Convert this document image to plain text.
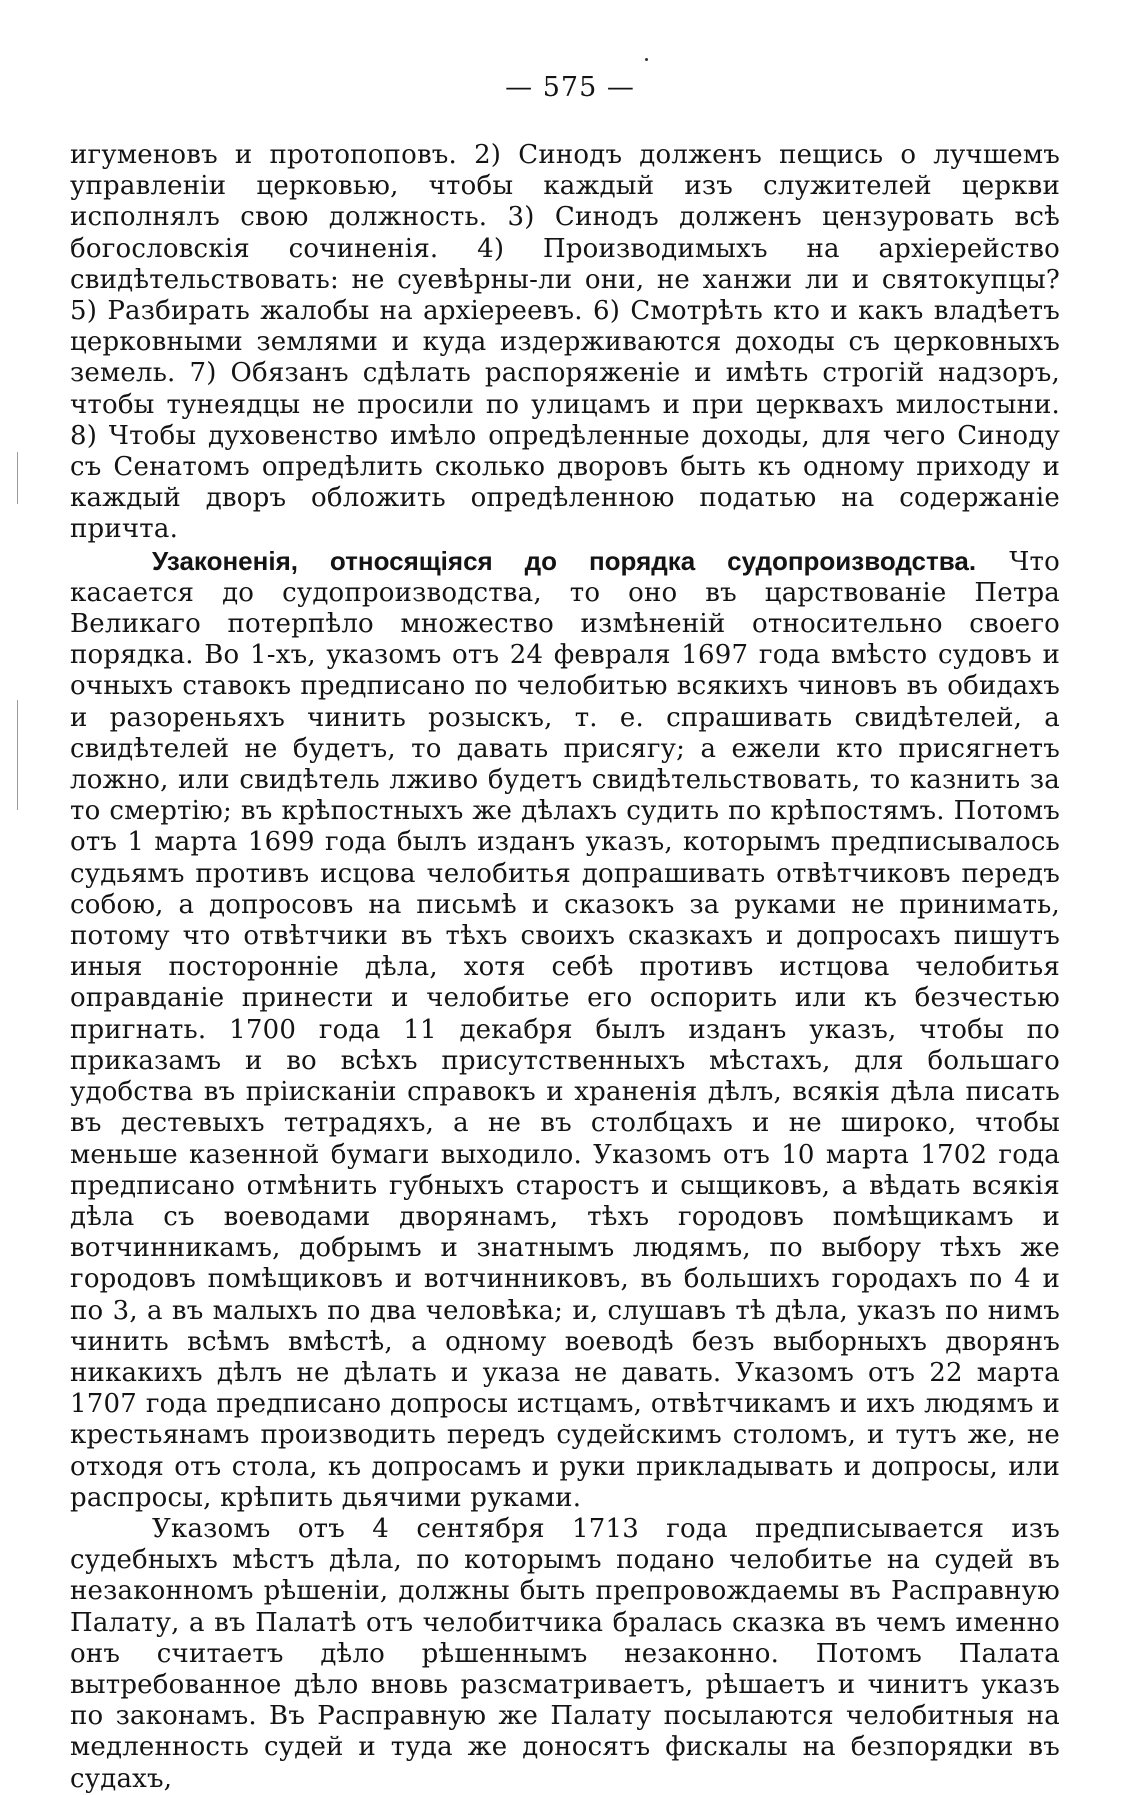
— 575 —

игуменовъ и протопоповъ. 2) Синодъ долженъ пещись о лучшемъ управленіи церковью, чтобы каждый изъ служителей церкви исполнялъ свою должность. 3) Синодъ долженъ цензуровать всѣ богословскія сочиненія. 4) Производимыхъ на архіерейство свидѣтельствовать: не суевѣрны-ли они, не ханжи ли и святокупцы? 5) Разбирать жалобы на архіереевъ. 6) Смотрѣть кто и какъ владѣетъ церковными землями и куда издерживаются доходы съ церковныхъ земель. 7) Обязанъ сдѣлать распоряженіе и имѣть строгій надзоръ, чтобы тунеядцы не просили по улицамъ и при церквахъ милостыни. 8) Чтобы духовенство имѣло опредѣленные доходы, для чего Синоду съ Сенатомъ опредѣлить сколько дворовъ быть къ одному приходу и каждый дворъ обложить опредѣленною податью на содержаніе причта.

Узаконенія, относящіяся до порядка судопроизводства. Что касается до судопроизводства, то оно въ царствованіе Петра Великаго потерпѣло множество измѣненій относительно своего порядка. Во 1-хъ, указомъ отъ 24 февраля 1697 года вмѣсто судовъ и очныхъ ставокъ предписано по челобитью всякихъ чиновъ въ обидахъ и разореньяхъ чинить розыскъ, т. е. спрашивать свидѣтелей, а свидѣтелей не будетъ, то давать присягу; а ежели кто присягнетъ ложно, или свидѣтель лживо будетъ свидѣтельствовать, то казнить за то смертію; въ крѣпостныхъ же дѣлахъ судить по крѣпостямъ. Потомъ отъ 1 марта 1699 года былъ изданъ указъ, которымъ предписывалось судьямъ противъ исцова челобитья допрашивать отвѣтчиковъ передъ собою, а допросовъ на письмѣ и сказокъ за руками не принимать, потому что отвѣтчики въ тѣхъ своихъ сказкахъ и допросахъ пишутъ иныя посторонніе дѣла, хотя себѣ противъ истцова челобитья оправданіе принести и челобитье его оспорить или къ безчестью пригнать. 1700 года 11 декабря былъ изданъ указъ, чтобы по приказамъ и во всѣхъ присутственныхъ мѣстахъ, для большаго удобства въ пріисканіи справокъ и храненія дѣлъ, всякія дѣла писать въ дестевыхъ тетрадяхъ, а не въ столбцахъ и не широко, чтобы меньше казенной бумаги выходило. Указомъ отъ 10 марта 1702 года предписано отмѣнить губныхъ старостъ и сыщиковъ, а вѣдать всякія дѣла съ воеводами дворянамъ, тѣхъ городовъ помѣщикамъ и вотчинникамъ, добрымъ и знатнымъ людямъ, по выбору тѣхъ же городовъ помѣщиковъ и вотчинниковъ, въ большихъ городахъ по 4 и по 3, а въ малыхъ по два человѣка; и, слушавъ тѣ дѣла, указъ по нимъ чинить всѣмъ вмѣстѣ, а одному воеводѣ безъ выборныхъ дворянъ никакихъ дѣлъ не дѣлать и указа не давать. Указомъ отъ 22 марта 1707 года предписано допросы истцамъ, отвѣтчикамъ и ихъ людямъ и крестьянамъ производить передъ судейскимъ столомъ, и тутъ же, не отходя отъ стола, къ допросамъ и руки прикладывать и допросы, или распросы, крѣпить дьячими руками.

Указомъ отъ 4 сентября 1713 года предписывается изъ судебныхъ мѣстъ дѣла, по которымъ подано челобитье на судей въ незаконномъ рѣшеніи, должны быть препровождаемы въ Расправную Палату, а въ Палатѣ отъ челобитчика бралась сказка въ чемъ именно онъ считаетъ дѣло рѣшеннымъ незаконно. Потомъ Палата вытребованное дѣло вновь разсматриваетъ, рѣшаетъ и чинитъ указъ по законамъ. Въ Расправную же Палату посылаются челобитныя на медленность судей и туда же доносятъ фискалы на безпорядки въ судахъ,
